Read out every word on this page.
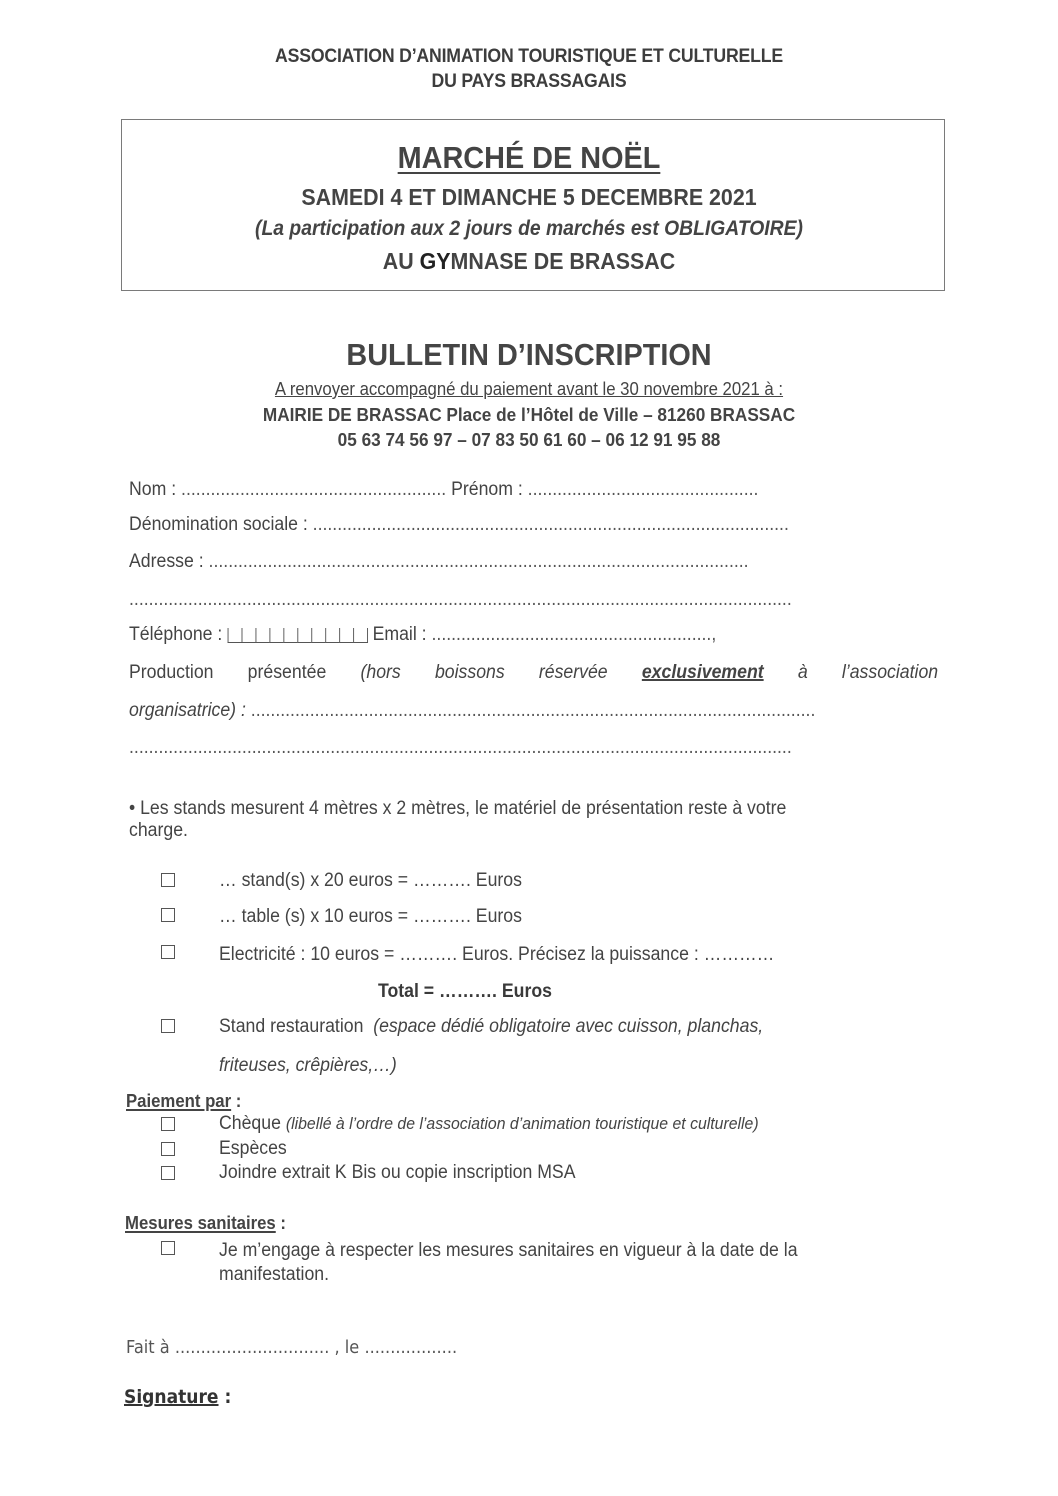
ASSOCIATION D’ANIMATION TOURISTIQUE ET CULTURELLE
DU PAYS BRASSAGAIS
MARCHÉ DE NOËL
SAMEDI 4 ET DIMANCHE 5 DECEMBRE 2021
(La participation aux 2 jours de marchés est OBLIGATOIRE)
AU GYMNASE DE BRASSAC
BULLETIN D’INSCRIPTION
A renvoyer accompagné du paiement avant le 30 novembre 2021 à :
MAIRIE DE BRASSAC Place de l’Hôtel de Ville – 81260 BRASSAC
05 63 74 56 97 – 07 83 50 61 60 – 06 12 91 95 88
Nom : ...................................................... Prénom : ...............................................
Dénomination sociale : .................................................................................................
Adresse : ..............................................................................................................
.......................................................................................................................................
Téléphone :	Email : .........................................................,
Production présentée (hors boissons réservée exclusivement à l’association
organisatrice) : ...................................................................................................................
.......................................................................................................................................
• Les stands mesurent 4 mètres x 2 mètres, le matériel de présentation reste à votre
charge.
… stand(s) x 20 euros = ………. Euros
… table (s) x 10 euros = ………. Euros
Electricité : 10 euros = ………. Euros. Précisez la puissance : …………
Total = ………. Euros
Stand restauration (espace dédié obligatoire avec cuisson, planchas,
friteuses, crêpières,…)
Paiement par :
Chèque (libellé à l’ordre de l’association d’animation touristique et culturelle)
Espèces
Joindre extrait K Bis ou copie inscription MSA
Mesures sanitaires :
Je m’engage à respecter les mesures sanitaires en vigueur à la date de la
manifestation.
Fait à .............................. , le ..................
Signature :
